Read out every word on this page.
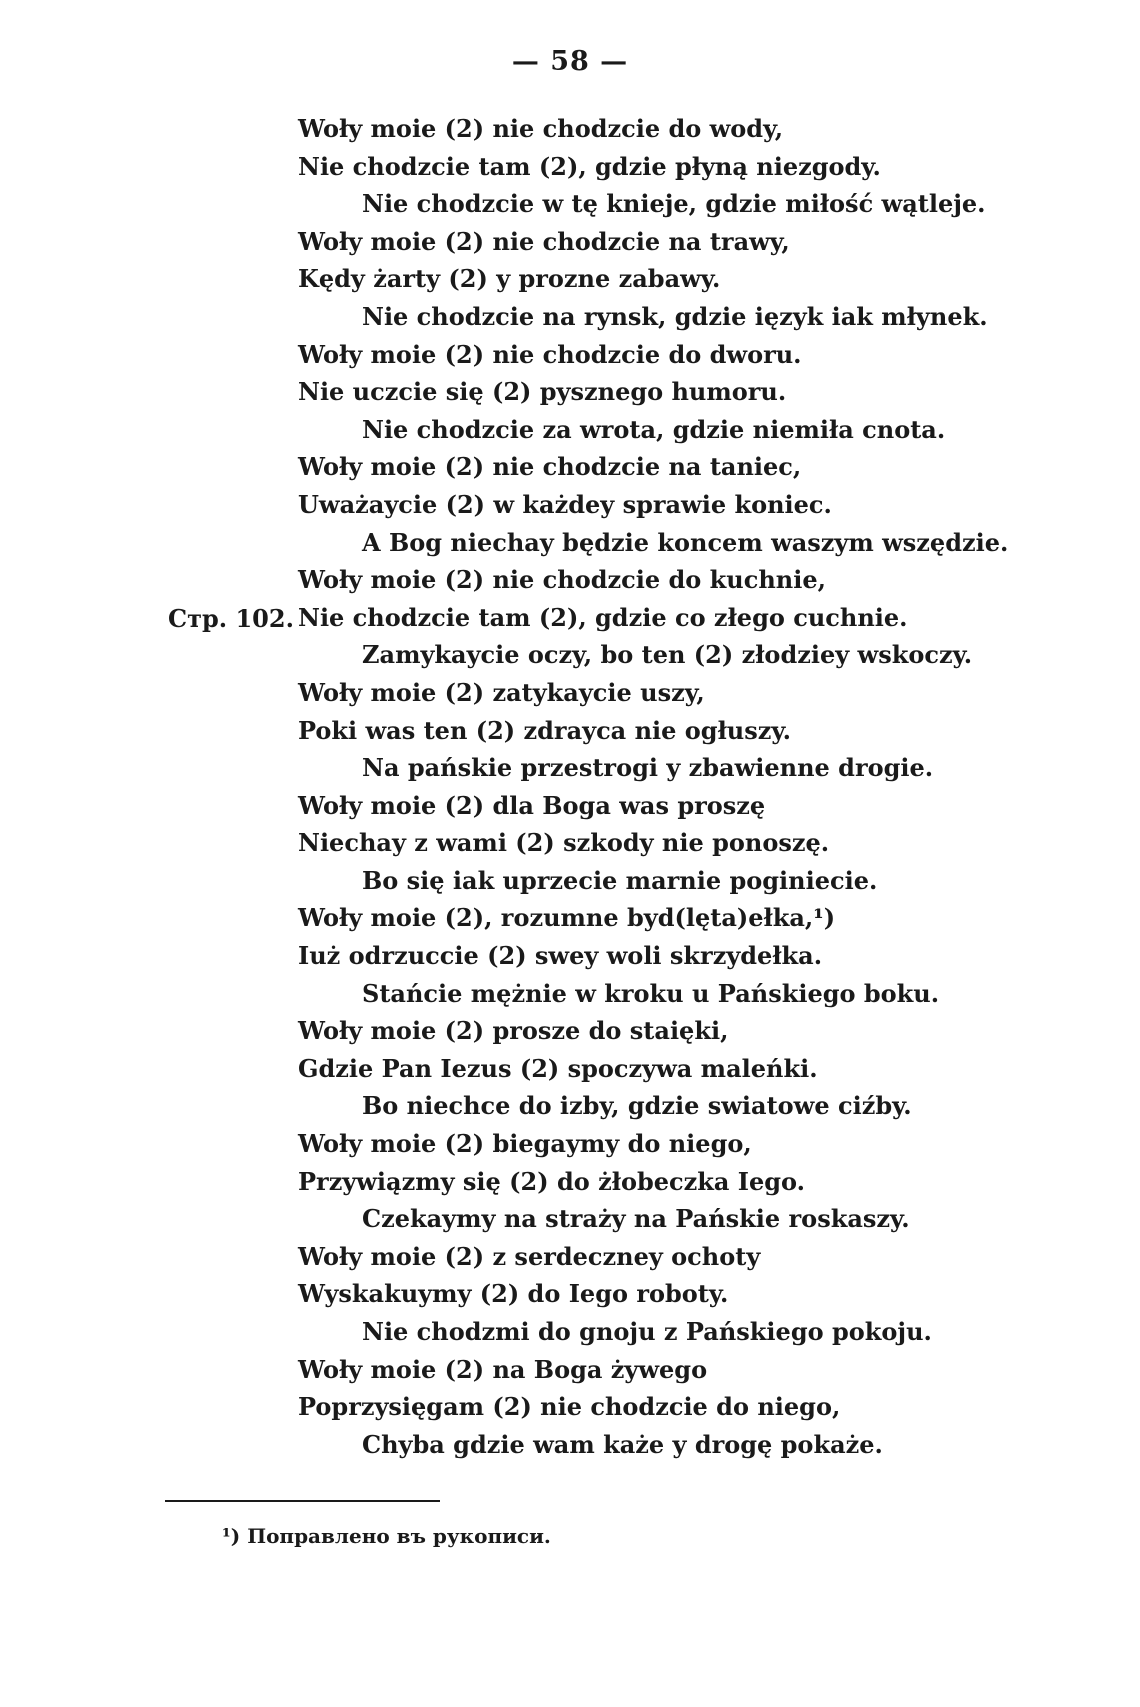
— 58 —
Стр. 102.
Woły moie (2) nie chodzcie do wody,
Nie chodzcie tam (2), gdzie płyną niezgody.
Nie chodzcie w tę knieje, gdzie miłość wątleje.
Woły moie (2) nie chodzcie na trawy,
Kędy żarty (2) y prozne zabawy.
Nie chodzcie na rynsk, gdzie ięzyk iak młynek.
Woły moie (2) nie chodzcie do dworu.
Nie uczcie się (2) pysznego humoru.
Nie chodzcie za wrota, gdzie niemiła cnota.
Woły moie (2) nie chodzcie na taniec,
Uważaycie (2) w każdey sprawie koniec.
A Bog niechay będzie koncem waszym wszędzie.
Woły moie (2) nie chodzcie do kuchnie,
Nie chodzcie tam (2), gdzie co złego cuchnie.
Zamykaycie oczy, bo ten (2) złodziey wskoczy.
Woły moie (2) zatykaycie uszy,
Poki was ten (2) zdrayca nie ogłuszy.
Na pańskie przestrogi y zbawienne drogie.
Woły moie (2) dla Boga was proszę
Niechay z wami (2) szkody nie ponoszę.
Bo się iak uprzecie marnie poginiecie.
Woły moie (2), rozumne byd(lęta)ełka,¹)
Iuż odrzuccie (2) swey woli skrzydełka.
Stańcie mężnie w kroku u Pańskiego boku.
Woły moie (2) prosze do staięki,
Gdzie Pan Iezus (2) spoczywa maleńki.
Bo niechce do izby, gdzie swiatowe ciźby.
Woły moie (2) biegaymy do niego,
Przywiązmy się (2) do żłobeczka Iego.
Czekaymy na straży na Pańskie roskaszy.
Woły moie (2) z serdeczney ochoty
Wyskakuymy (2) do Iego roboty.
Nie chodzmi do gnoju z Pańskiego pokoju.
Woły moie (2) na Boga żywego
Poprzysięgam (2) nie chodzcie do niego,
Chyba gdzie wam każe y drogę pokaże.
¹) Поправлено въ рукописи.
